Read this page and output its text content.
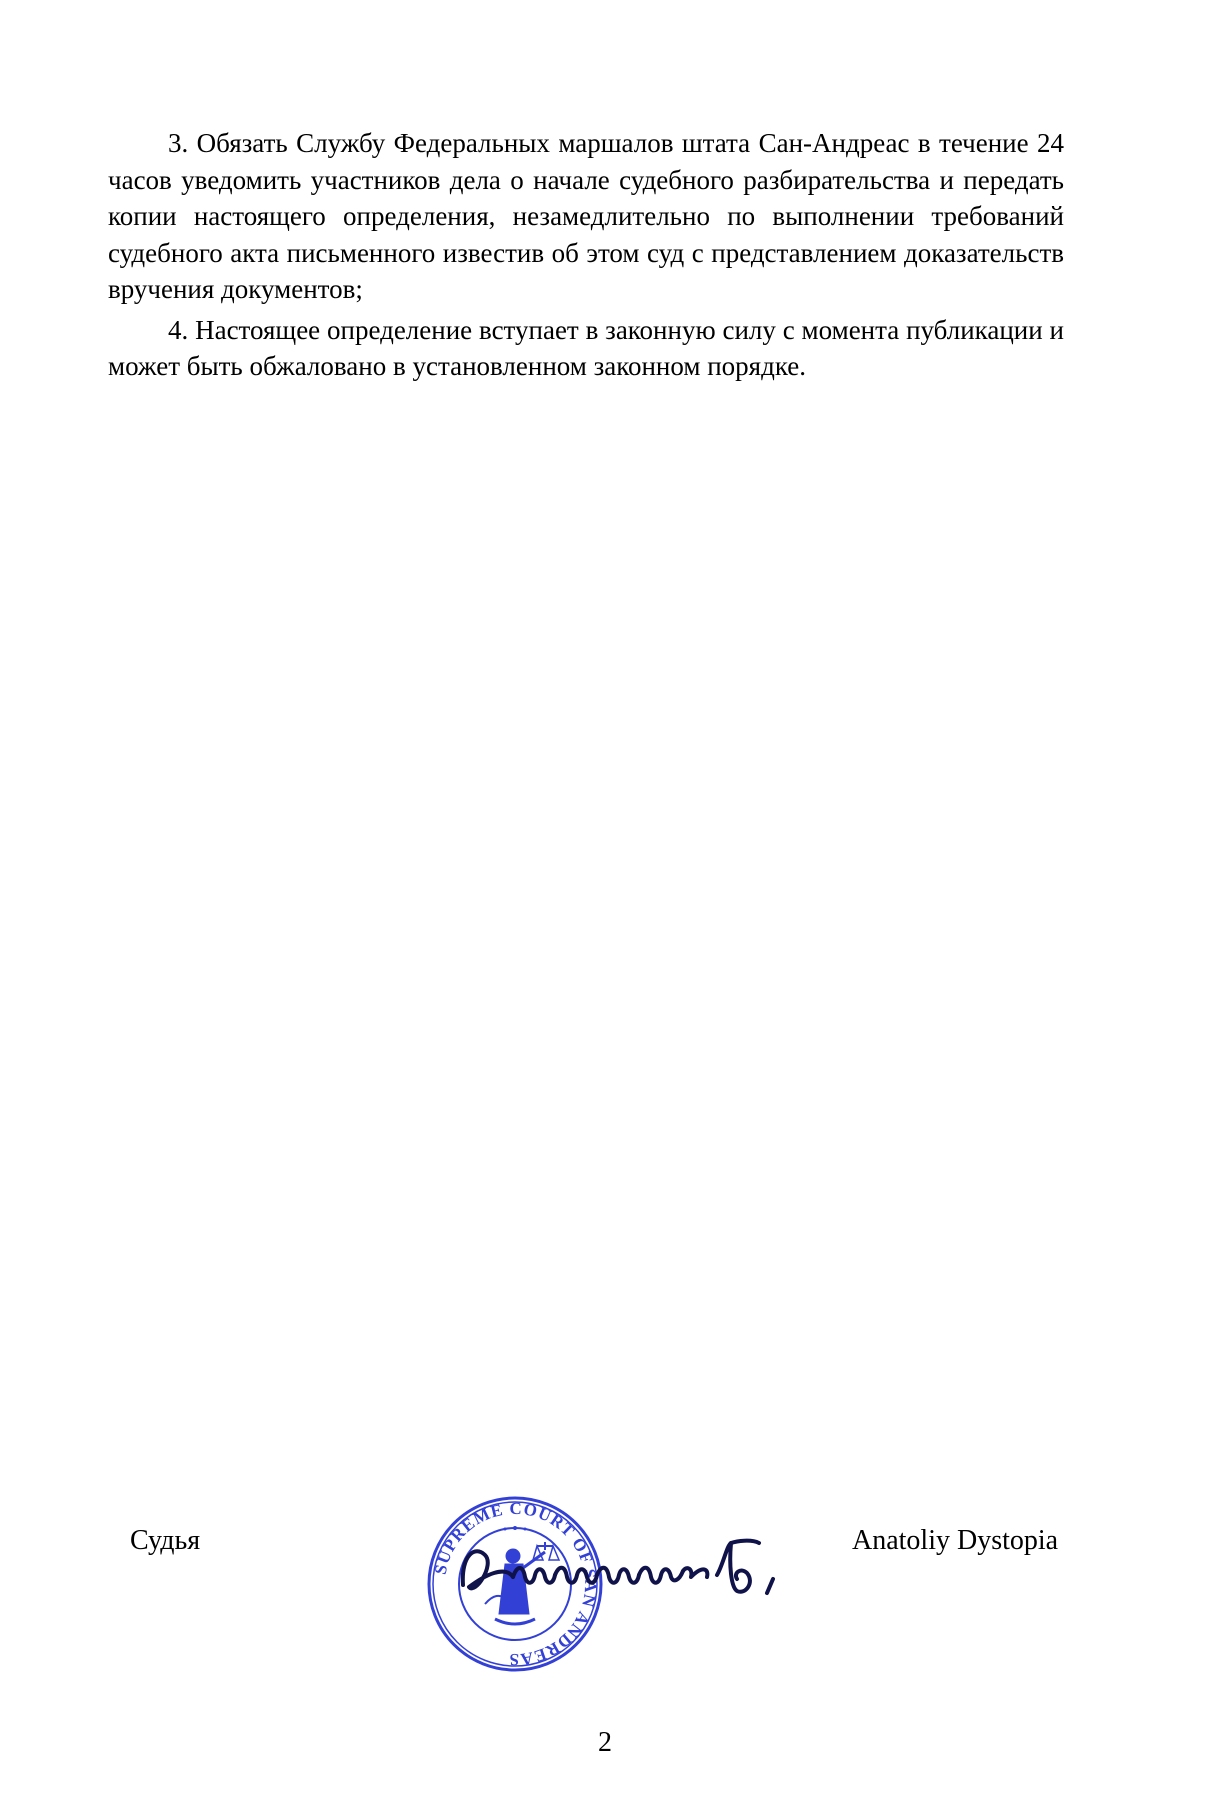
3. Обязать Службу Федеральных маршалов штата Сан-Андреас в течение 24 часов уведомить участников дела о начале судебного разбирательства и передать копии настоящего определения, незамедлительно по выполнении требований судебного акта письменного известив об этом суд с представлением доказательств вручения документов;

4. Настоящее определение вступает в законную силу с момента публикации и может быть обжаловано в установленном законном порядке.

Судья
SUPREME COURT OF SAN ANDREAS
Anatoliy Dystopia
2
